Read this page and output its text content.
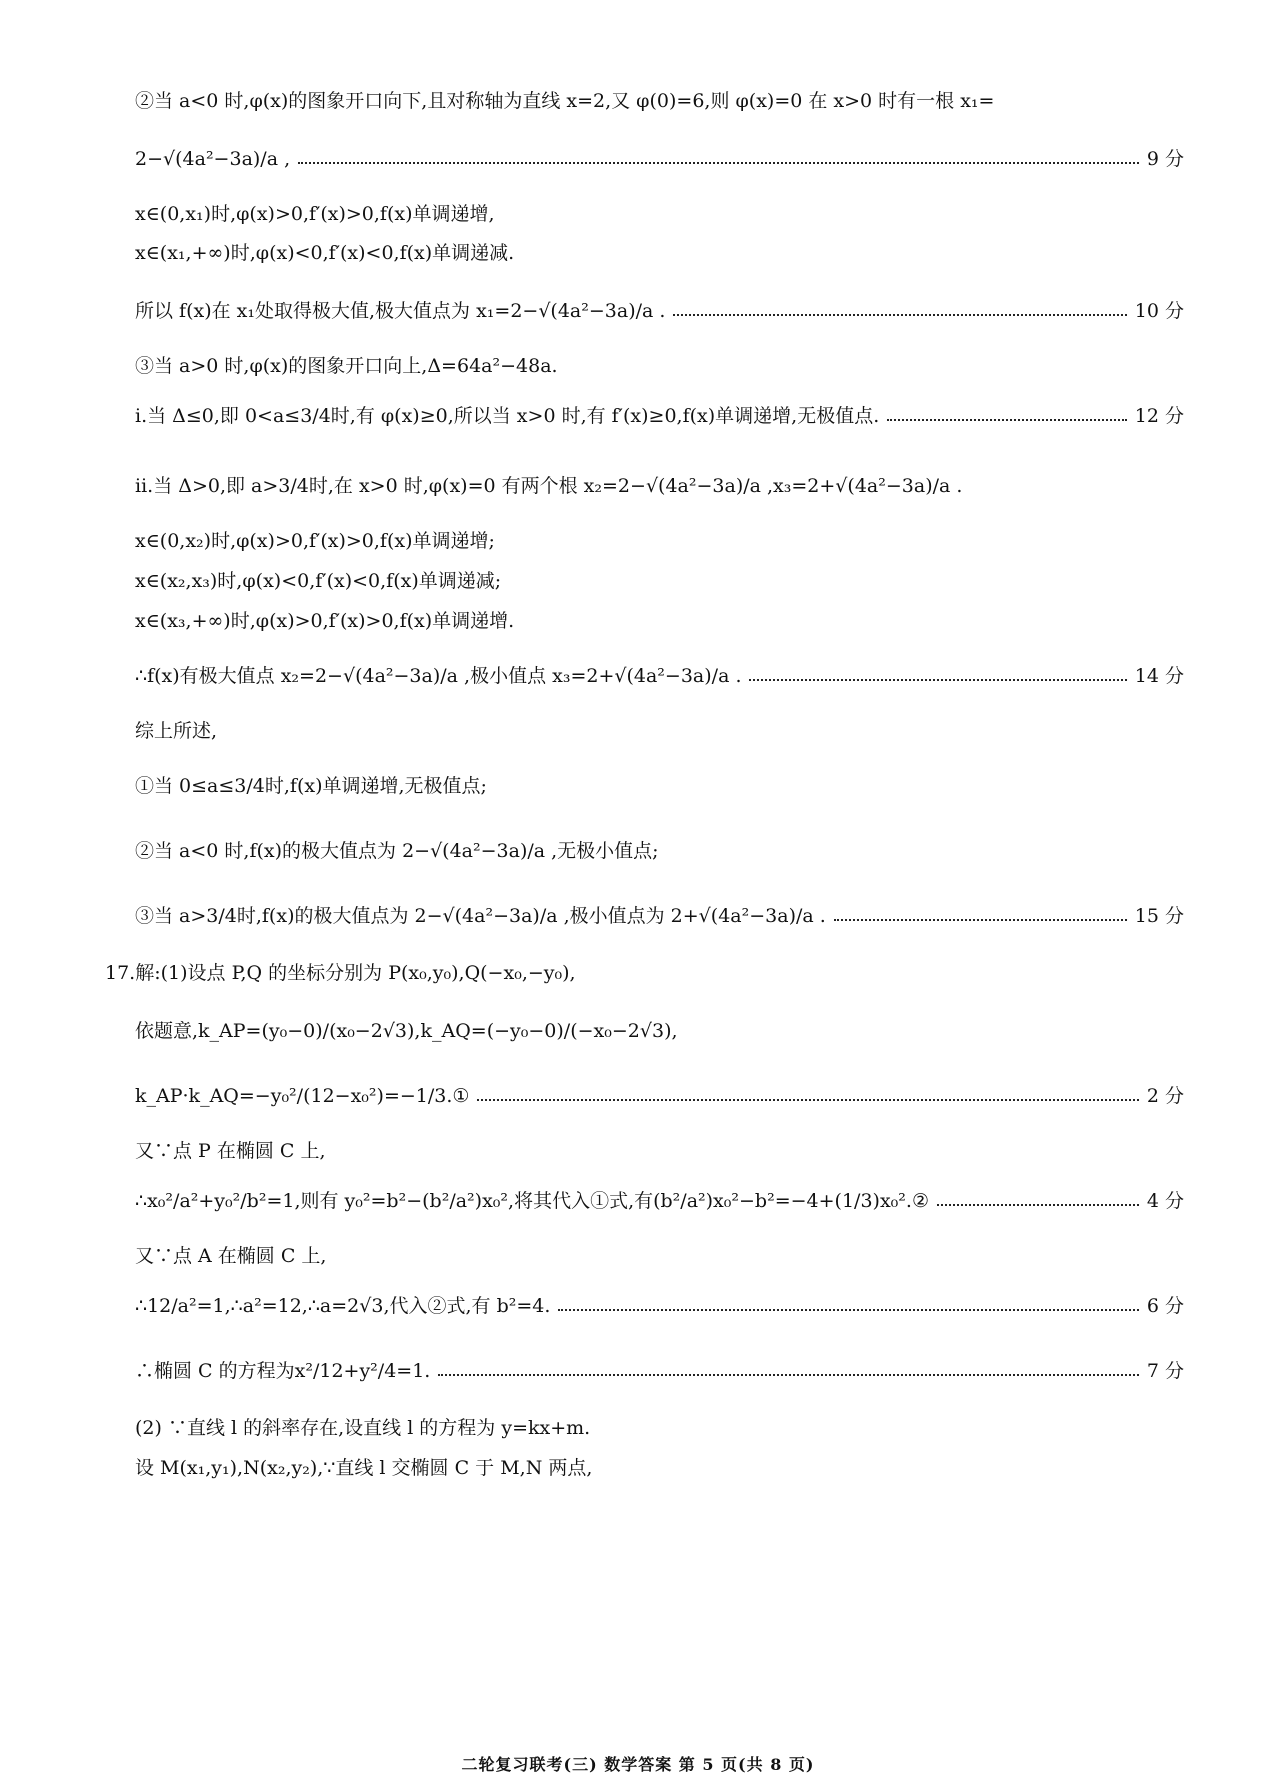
②当 a<0 时,φ(x)的图象开口向下,且对称轴为直线 x=2,又 φ(0)=6,则 φ(x)=0 在 x>0 时有一根 x₁=
2−√(4a²−3a)/a ,	9 分
x∈(0,x₁)时,φ(x)>0,f′(x)>0,f(x)单调递增,
x∈(x₁,+∞)时,φ(x)<0,f′(x)<0,f(x)单调递减.
所以 f(x)在 x₁处取得极大值,极大值点为 x₁=2−√(4a²−3a)/a .	10 分
③当 a>0 时,φ(x)的图象开口向上,Δ=64a²−48a.
ⅰ.当 Δ≤0,即 0<a≤3/4时,有 φ(x)≥0,所以当 x>0 时,有 f′(x)≥0,f(x)单调递增,无极值点.	12 分
ⅱ.当 Δ>0,即 a>3/4时,在 x>0 时,φ(x)=0 有两个根 x₂=2−√(4a²−3a)/a ,x₃=2+√(4a²−3a)/a .
x∈(0,x₂)时,φ(x)>0,f′(x)>0,f(x)单调递增;
x∈(x₂,x₃)时,φ(x)<0,f′(x)<0,f(x)单调递减;
x∈(x₃,+∞)时,φ(x)>0,f′(x)>0,f(x)单调递增.
∴f(x)有极大值点 x₂=2−√(4a²−3a)/a ,极小值点 x₃=2+√(4a²−3a)/a .	14 分
综上所述,
①当 0≤a≤3/4时,f(x)单调递增,无极值点;
②当 a<0 时,f(x)的极大值点为 2−√(4a²−3a)/a ,无极小值点;
③当 a>3/4时,f(x)的极大值点为 2−√(4a²−3a)/a ,极小值点为 2+√(4a²−3a)/a .	15 分
17.解:(1)设点 P,Q 的坐标分别为 P(x₀,y₀),Q(−x₀,−y₀),
依题意,k_AP=(y₀−0)/(x₀−2√3),k_AQ=(−y₀−0)/(−x₀−2√3),
k_AP·k_AQ=−y₀²/(12−x₀²)=−1/3.①	2 分
又∵点 P 在椭圆 C 上,
∴x₀²/a²+y₀²/b²=1,则有 y₀²=b²−(b²/a²)x₀²,将其代入①式,有(b²/a²)x₀²−b²=−4+(1/3)x₀².②	4 分
又∵点 A 在椭圆 C 上,
∴12/a²=1,∴a²=12,∴a=2√3,代入②式,有 b²=4.	6 分
∴椭圆 C 的方程为x²/12+y²/4=1.	7 分
(2) ∵直线 l 的斜率存在,设直线 l 的方程为 y=kx+m.
设 M(x₁,y₁),N(x₂,y₂),∵直线 l 交椭圆 C 于 M,N 两点,
二轮复习联考(三) 数学答案 第 5 页(共 8 页)
